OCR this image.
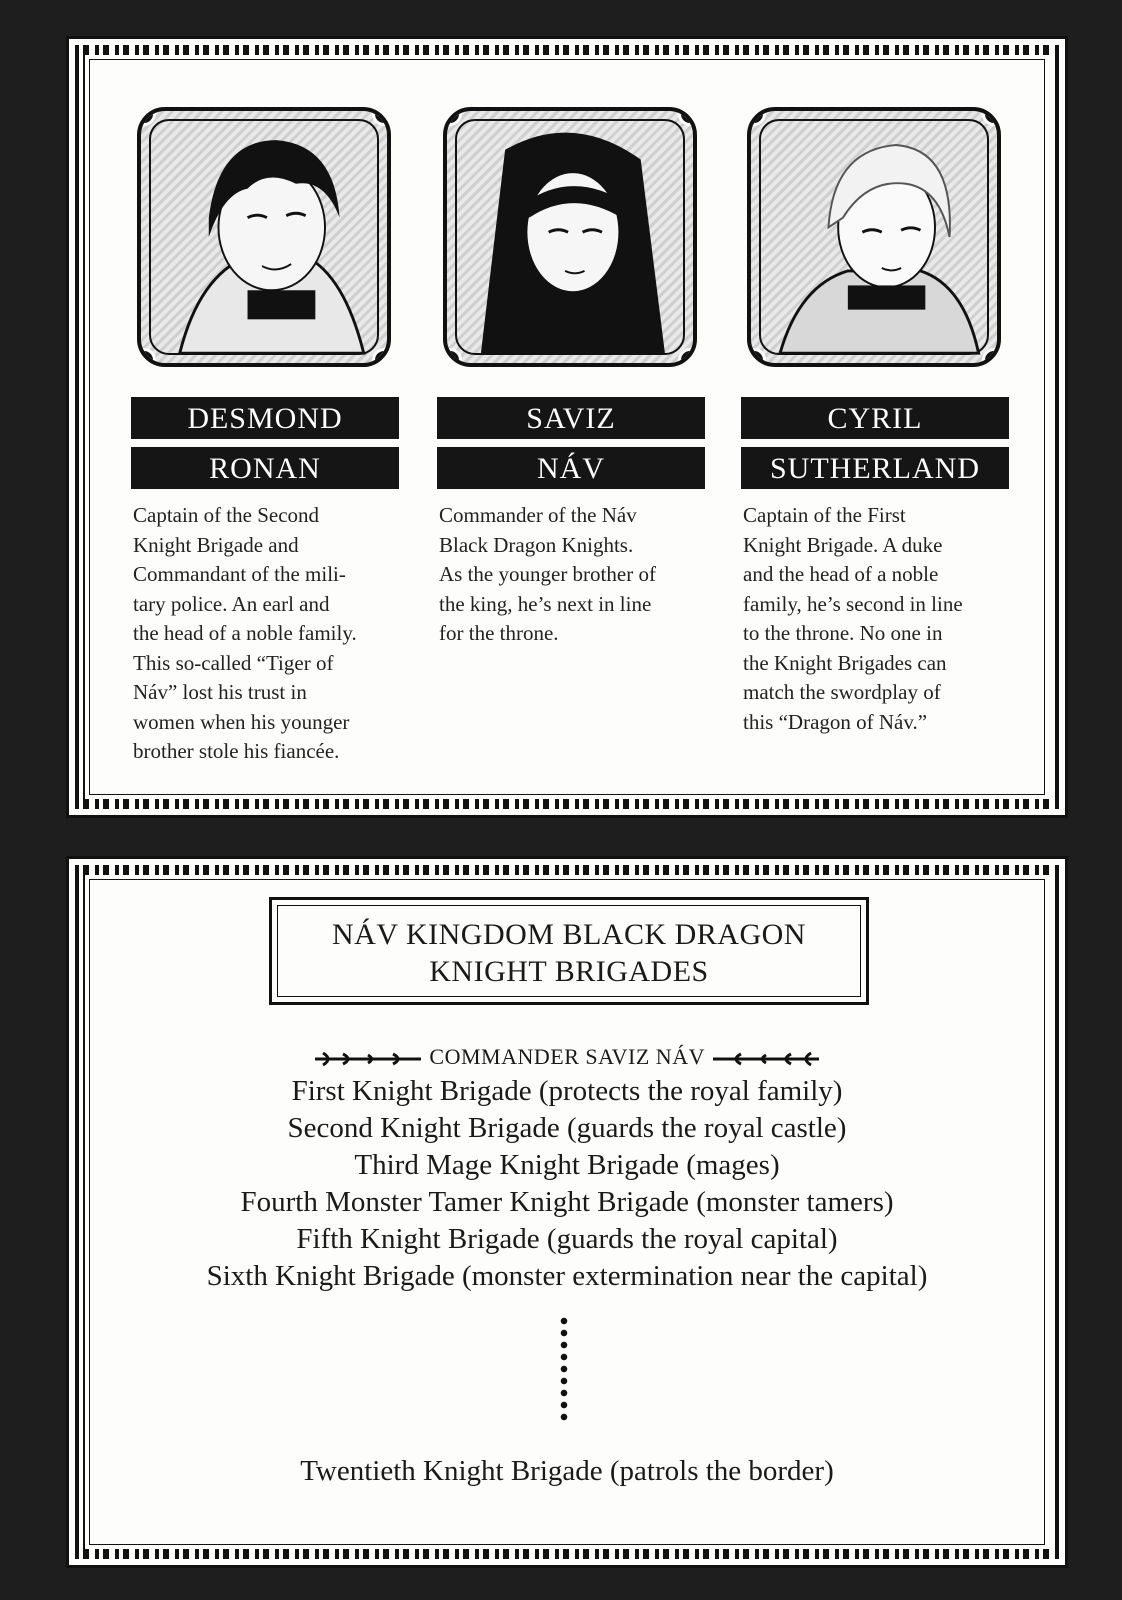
DESMOND
RONAN
Captain of the Second
Knight Brigade and
Commandant of the mili-
tary police. An earl and
the head of a noble family.
This so-called “Tiger of
Náv” lost his trust in
women when his younger
brother stole his fiancée.
SAVIZ
NÁV
Commander of the Náv
Black Dragon Knights.
As the younger brother of
the king, he’s next in line
for the throne.
CYRIL
SUTHERLAND
Captain of the First
Knight Brigade. A duke
and the head of a noble
family, he’s second in line
to the throne. No one in
the Knight Brigades can
match the swordplay of
this “Dragon of Náv.”
NÁV KINGDOM BLACK DRAGON
KNIGHT BRIGADES
COMMANDER SAVIZ NÁV
First Knight Brigade (protects the royal family)
Second Knight Brigade (guards the royal castle)
Third Mage Knight Brigade (mages)
Fourth Monster Tamer Knight Brigade (monster tamers)
Fifth Knight Brigade (guards the royal capital)
Sixth Knight Brigade (monster extermination near the capital)
Twentieth Knight Brigade (patrols the border)
